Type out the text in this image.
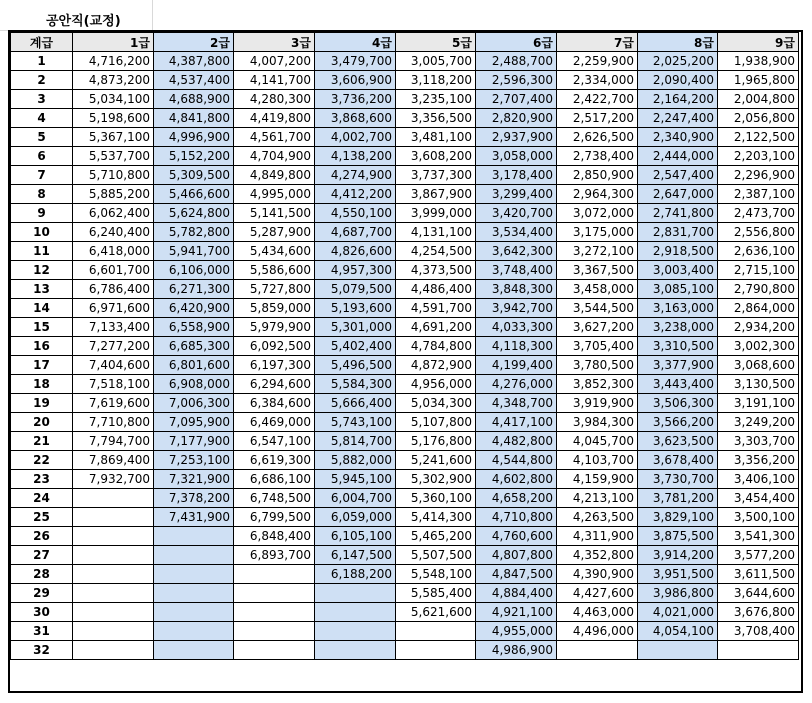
공안직(교정)
계급	1급	2급	3급	4급	5급	6급	7급	8급	9급
1	4,716,200	4,387,800	4,007,200	3,479,700	3,005,700	2,488,700	2,259,900	2,025,200	1,938,900
2	4,873,200	4,537,400	4,141,700	3,606,900	3,118,200	2,596,300	2,334,000	2,090,400	1,965,800
3	5,034,100	4,688,900	4,280,300	3,736,200	3,235,100	2,707,400	2,422,700	2,164,200	2,004,800
4	5,198,600	4,841,800	4,419,800	3,868,600	3,356,500	2,820,900	2,517,200	2,247,400	2,056,800
5	5,367,100	4,996,900	4,561,700	4,002,700	3,481,100	2,937,900	2,626,500	2,340,900	2,122,500
6	5,537,700	5,152,200	4,704,900	4,138,200	3,608,200	3,058,000	2,738,400	2,444,000	2,203,100
7	5,710,800	5,309,500	4,849,800	4,274,900	3,737,300	3,178,400	2,850,900	2,547,400	2,296,900
8	5,885,200	5,466,600	4,995,000	4,412,200	3,867,900	3,299,400	2,964,300	2,647,000	2,387,100
9	6,062,400	5,624,800	5,141,500	4,550,100	3,999,000	3,420,700	3,072,000	2,741,800	2,473,700
10	6,240,400	5,782,800	5,287,900	4,687,700	4,131,100	3,534,400	3,175,000	2,831,700	2,556,800
11	6,418,000	5,941,700	5,434,600	4,826,600	4,254,500	3,642,300	3,272,100	2,918,500	2,636,100
12	6,601,700	6,106,000	5,586,600	4,957,300	4,373,500	3,748,400	3,367,500	3,003,400	2,715,100
13	6,786,400	6,271,300	5,727,800	5,079,500	4,486,400	3,848,300	3,458,000	3,085,100	2,790,800
14	6,971,600	6,420,900	5,859,000	5,193,600	4,591,700	3,942,700	3,544,500	3,163,000	2,864,000
15	7,133,400	6,558,900	5,979,900	5,301,000	4,691,200	4,033,300	3,627,200	3,238,000	2,934,200
16	7,277,200	6,685,300	6,092,500	5,402,400	4,784,800	4,118,300	3,705,400	3,310,500	3,002,300
17	7,404,600	6,801,600	6,197,300	5,496,500	4,872,900	4,199,400	3,780,500	3,377,900	3,068,600
18	7,518,100	6,908,000	6,294,600	5,584,300	4,956,000	4,276,000	3,852,300	3,443,400	3,130,500
19	7,619,600	7,006,300	6,384,600	5,666,400	5,034,300	4,348,700	3,919,900	3,506,300	3,191,100
20	7,710,800	7,095,900	6,469,000	5,743,100	5,107,800	4,417,100	3,984,300	3,566,200	3,249,200
21	7,794,700	7,177,900	6,547,100	5,814,700	5,176,800	4,482,800	4,045,700	3,623,500	3,303,700
22	7,869,400	7,253,100	6,619,300	5,882,000	5,241,600	4,544,800	4,103,700	3,678,400	3,356,200
23	7,932,700	7,321,900	6,686,100	5,945,100	5,302,900	4,602,800	4,159,900	3,730,700	3,406,100
24		7,378,200	6,748,500	6,004,700	5,360,100	4,658,200	4,213,100	3,781,200	3,454,400
25		7,431,900	6,799,500	6,059,000	5,414,300	4,710,800	4,263,500	3,829,100	3,500,100
26			6,848,400	6,105,100	5,465,200	4,760,600	4,311,900	3,875,500	3,541,300
27			6,893,700	6,147,500	5,507,500	4,807,800	4,352,800	3,914,200	3,577,200
28				6,188,200	5,548,100	4,847,500	4,390,900	3,951,500	3,611,500
29					5,585,400	4,884,400	4,427,600	3,986,800	3,644,600
30					5,621,600	4,921,100	4,463,000	4,021,000	3,676,800
31						4,955,000	4,496,000	4,054,100	3,708,400
32						4,986,900			
